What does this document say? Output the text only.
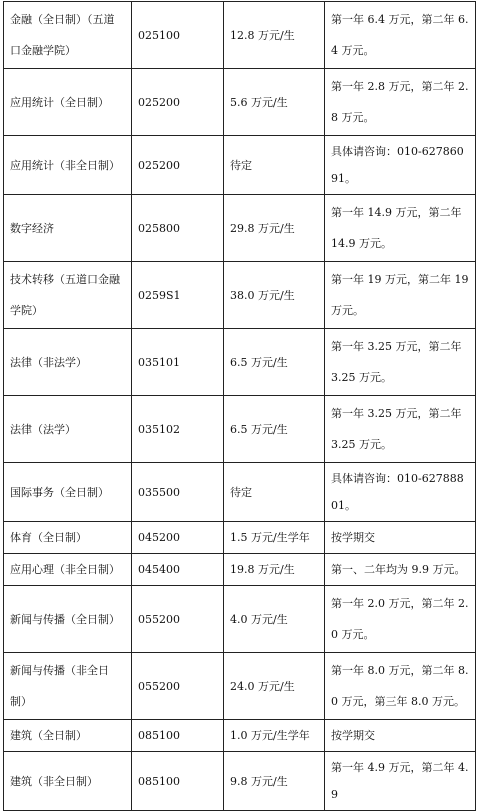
金融（全日制）（五道口金融学院）	025100	12.8 万元/生	第一年 6.4 万元，第二年 6.4 万元。
应用统计（全日制）	025200	5.6 万元/生	第一年 2.8 万元，第二年 2.8 万元。
应用统计（非全日制）	025200	待定	具体请咨询：010-62786091。
数字经济	025800	29.8 万元/生	第一年 14.9 万元，第二年 14.9 万元。
技术转移（五道口金融学院）	0259S1	38.0 万元/生	第一年 19 万元，第二年 19 万元。
法律（非法学）	035101	6.5 万元/生	第一年 3.25 万元，第二年 3.25 万元。
法律（法学）	035102	6.5 万元/生	第一年 3.25 万元，第二年 3.25 万元。
国际事务（全日制）	035500	待定	具体请咨询：010-62788801。
体育（全日制）	045200	1.5 万元/生学年	按学期交
应用心理（非全日制）	045400	19.8 万元/生	第一、二年均为 9.9 万元。
新闻与传播（全日制）	055200	4.0 万元/生	第一年 2.0 万元，第二年 2.0 万元。
新闻与传播（非全日制）	055200	24.0 万元/生	第一年 8.0 万元，第二年 8.0 万元，第三年 8.0 万元。
建筑（全日制）	085100	1.0 万元/生学年	按学期交
建筑（非全日制）	085100	9.8 万元/生	第一年 4.9 万元，第二年 4.9
